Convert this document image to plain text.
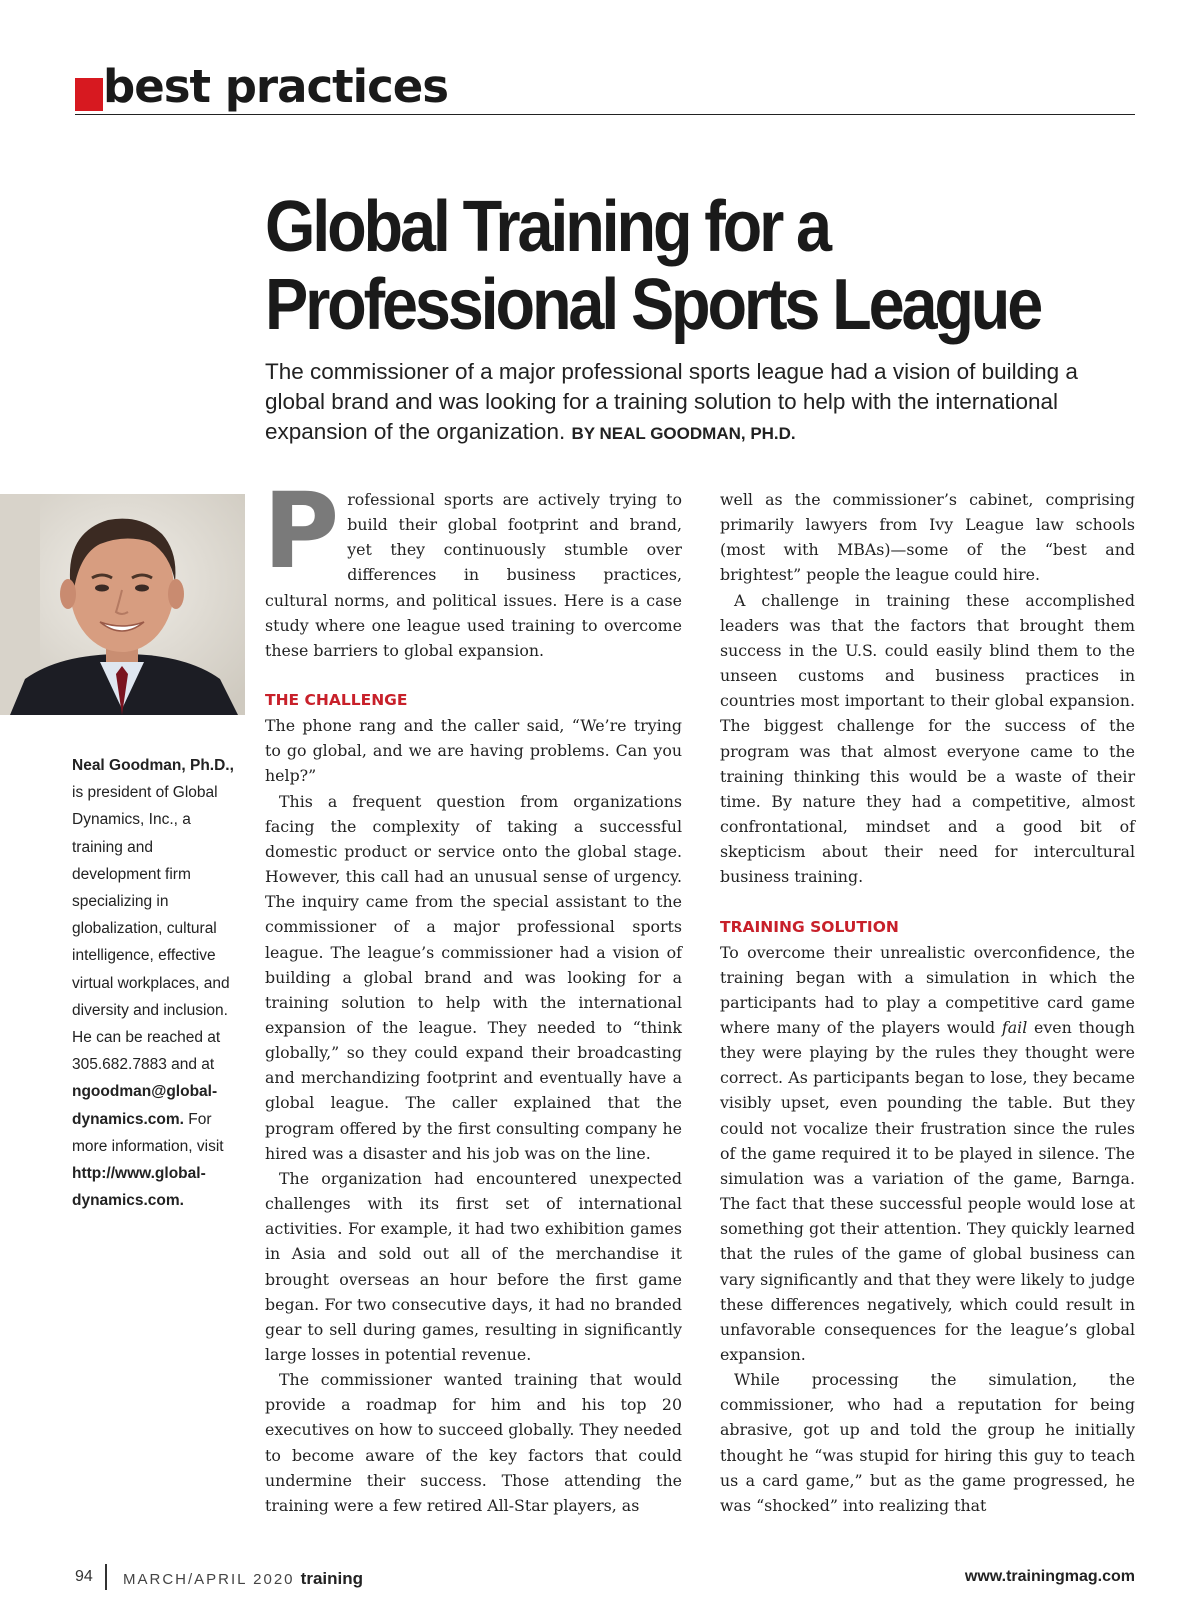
best practices
Global Training for a
Professional Sports League

The commissioner of a major professional sports league had a vision of building a global brand and was looking for a training solution to help with the international expansion of the organization. BY NEAL GOODMAN, PH.D.

Neal Goodman, Ph.D., is president of Global Dynamics, Inc., a training and development firm specializing in globalization, cultural intelligence, effective virtual workplaces, and diversity and inclusion. He can be reached at 305.682.7883 and at ngoodman@global-dynamics.com. For more information, visit http://www.global-dynamics.com.

Professional sports are actively trying to build their global footprint and brand, yet they continuously stumble over differences in business practices, cultural norms, and political issues. Here is a case study where one league used training to overcome these barriers to global expansion.

THE CHALLENGE

The phone rang and the caller said, “We’re trying to go global, and we are having problems. Can you help?”

This a frequent question from organizations facing the complexity of taking a successful domestic product or service onto the global stage. However, this call had an unusual sense of urgency. The inquiry came from the special assistant to the commissioner of a major professional sports league. The league’s commissioner had a vision of building a global brand and was looking for a training solution to help with the international expansion of the league. They needed to “think globally,” so they could expand their broadcasting and merchandizing footprint and eventually have a global league. The caller explained that the program offered by the first consulting company he hired was a disaster and his job was on the line.

The organization had encountered unexpected challenges with its first set of international activities. For example, it had two exhibition games in Asia and sold out all of the merchandise it brought overseas an hour before the first game began. For two consecutive days, it had no branded gear to sell during games, resulting in significantly large losses in potential revenue.

The commissioner wanted training that would provide a roadmap for him and his top 20 executives on how to succeed globally. They needed to become aware of the key factors that could undermine their success. Those attending the training were a few retired All-Star players, as

well as the commissioner’s cabinet, comprising primarily lawyers from Ivy League law schools (most with MBAs)—some of the “best and brightest” people the league could hire.

A challenge in training these accomplished leaders was that the factors that brought them success in the U.S. could easily blind them to the unseen customs and business practices in countries most important to their global expansion. The biggest challenge for the success of the program was that almost everyone came to the training thinking this would be a waste of their time. By nature they had a competitive, almost confrontational, mindset and a good bit of skepticism about their need for intercultural business training.

TRAINING SOLUTION

To overcome their unrealistic overconfidence, the training began with a simulation in which the participants had to play a competitive card game where many of the players would fail even though they were playing by the rules they thought were correct. As participants began to lose, they became visibly upset, even pounding the table. But they could not vocalize their frustration since the rules of the game required it to be played in silence. The simulation was a variation of the game, Barnga. The fact that these successful people would lose at something got their attention. They quickly learned that the rules of the game of global business can vary significantly and that they were likely to judge these differences negatively, which could result in unfavorable consequences for the league’s global expansion.

While processing the simulation, the commissioner, who had a reputation for being abrasive, got up and told the group he initially thought he “was stupid for hiring this guy to teach us a card game,” but as the game progressed, he was “shocked” into realizing that

94 MARCH/APRIL 2020 training	www.trainingmag.com
